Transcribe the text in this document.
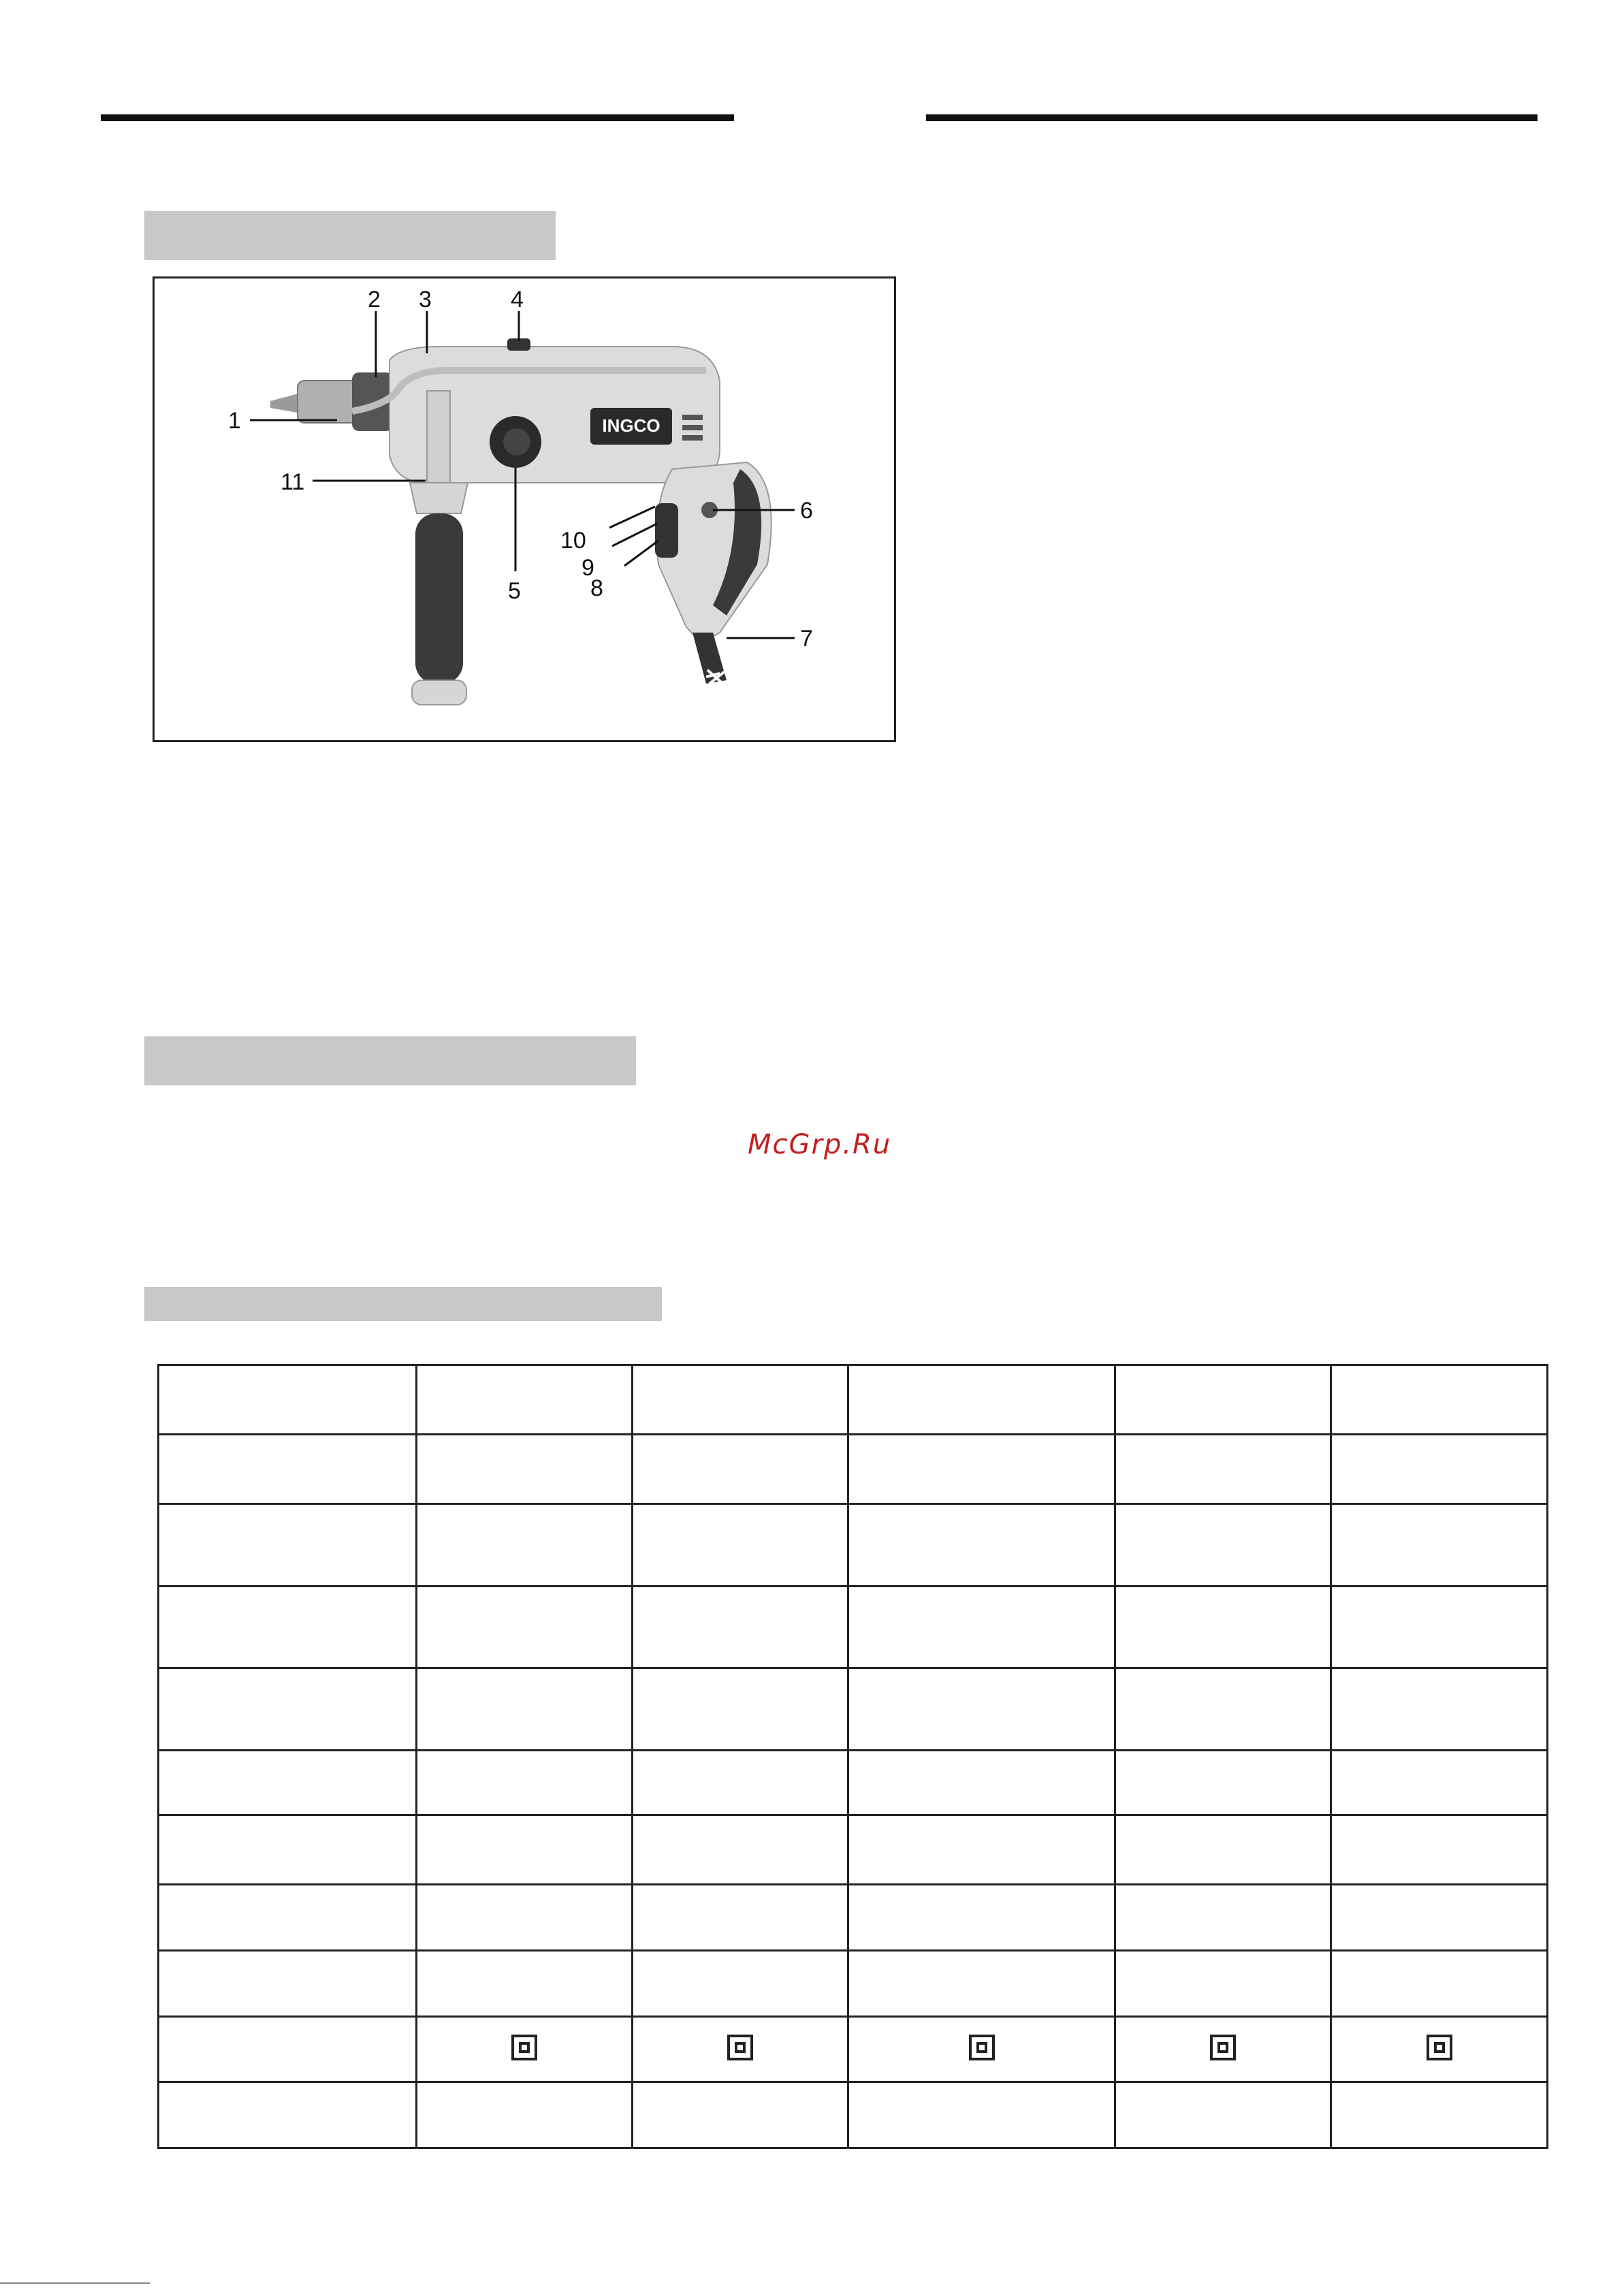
INGCO
1
2 3	4
5
6
7
8
9
10
11
McGrp.Ru
